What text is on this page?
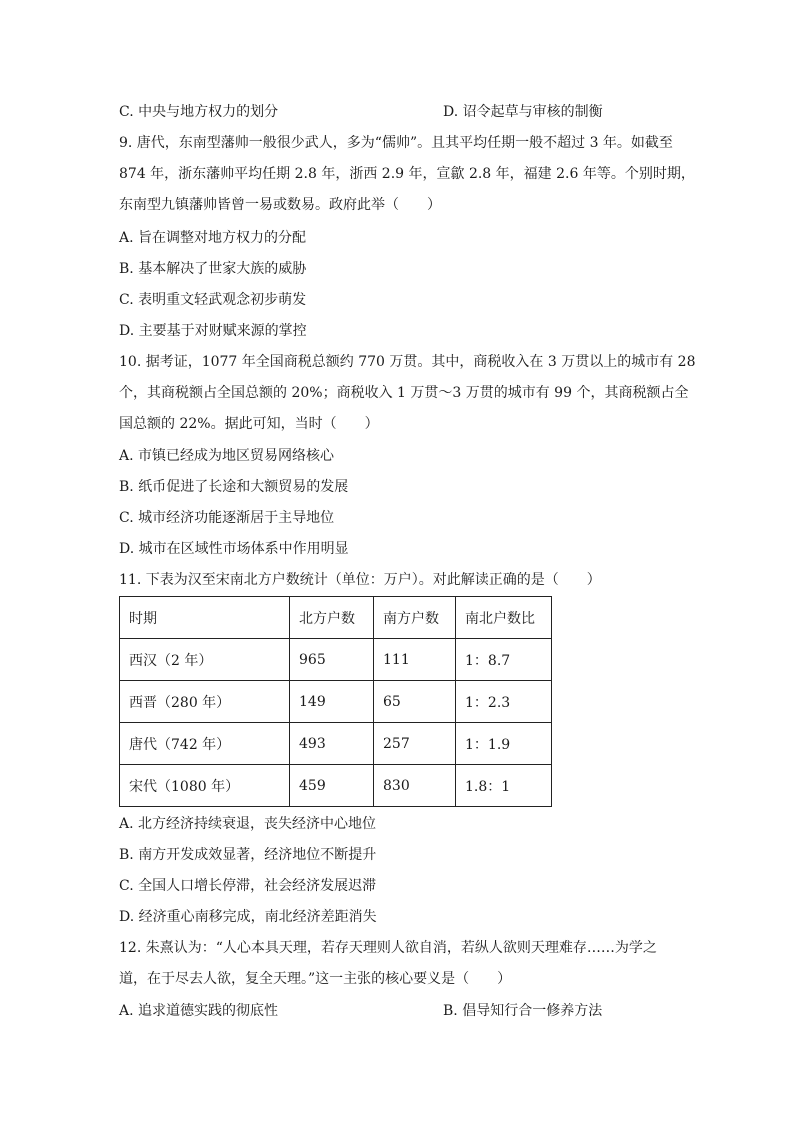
C. 中央与地方权力的划分	D. 诏令起草与审核的制衡
9. 唐代，东南型藩帅一般很少武人，多为“儒帅”。且其平均任期一般不超过 3 年。如截至
874 年，浙东藩帅平均任期 2.8 年，浙西 2.9 年，宣歙 2.8 年，福建 2.6 年等。个别时期，
东南型九镇藩帅皆曾一易或数易。政府此举（　　）
A. 旨在调整对地方权力的分配
B. 基本解决了世家大族的威胁
C. 表明重文轻武观念初步萌发
D. 主要基于对财赋来源的掌控
10. 据考证，1077 年全国商税总额约 770 万贯。其中，商税收入在 3 万贯以上的城市有 28
个，其商税额占全国总额的 20%；商税收入 1 万贯～3 万贯的城市有 99 个，其商税额占全
国总额的 22%。据此可知，当时（　　）
A. 市镇已经成为地区贸易网络核心
B. 纸币促进了长途和大额贸易的发展
C. 城市经济功能逐渐居于主导地位
D. 城市在区域性市场体系中作用明显
11. 下表为汉至宋南北方户数统计（单位：万户）。对此解读正确的是（　　）
时期	北方户数	南方户数	南北户数比
西汉（2 年）	965	111	1：8.7
西晋（280 年）	149	65	1：2.3
唐代（742 年）	493	257	1：1.9
宋代（1080 年）	459	830	1.8：1
A. 北方经济持续衰退，丧失经济中心地位
B. 南方开发成效显著，经济地位不断提升
C. 全国人口增长停滞，社会经济发展迟滞
D. 经济重心南移完成，南北经济差距消失
12. 朱熹认为：“人心本具天理，若存天理则人欲自消，若纵人欲则天理难存……为学之
道，在于尽去人欲，复全天理。”这一主张的核心要义是（　　）
A. 追求道德实践的彻底性	B. 倡导知行合一修养方法
